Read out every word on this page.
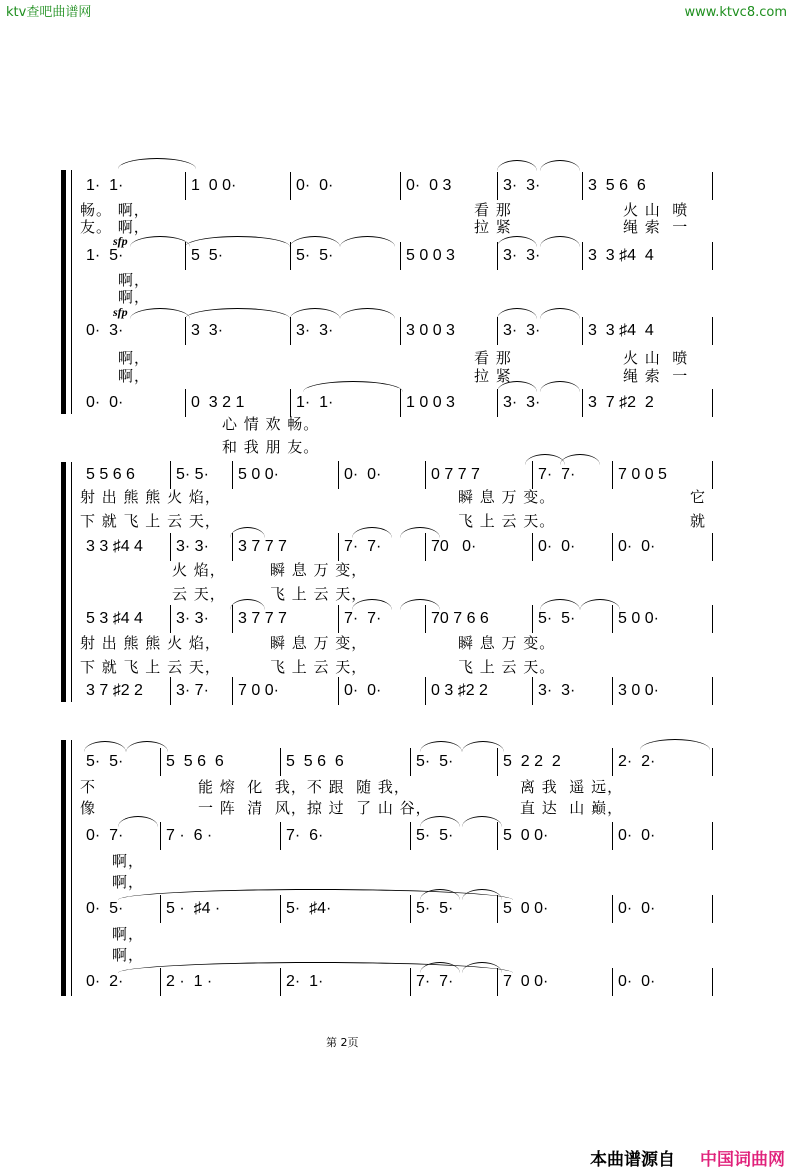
ktv查吧曲谱网	www.ktvc8.com
1·  1·	1  0 0·	0·  0·	0·  0 3	3·  3·	3  5 6  6
畅。 啊，	看 那	火 山  喷
友。 啊，	拉 紧	绳 索  一
1·  5·	5  5·	5·  5·	5 0 0 3	3·  3·	3  3 ♯4  4
啊，
啊，
0·  3·	3  3·	3·  3·	3 0 0 3	3·  3·	3  3 ♯4  4
啊，	看 那	火 山  喷
啊，	拉 紧	绳 索  一
0·  0·	0  3 2 1	1·  1·	1 0 0 3	3·  3·	3  7 ♯2  2
心 情 欢 畅。
和 我 朋 友。
sfp
sfp
5 5 6 6	5· 5·	5 0 0·	0·  0·	0 7 7 7	7·  7·	7 0 0 5
射 出 熊 熊 火 焰，	瞬 息 万 变。	它
下 就 飞 上 云 天，	飞 上 云 天。	就
3 3 ♯4 4	3· 3·	3 7 7 7	7·  7·	70   0·	0·  0·	0·  0·
火 焰，	瞬 息 万 变，
云 天，	飞 上 云 天，
5 3 ♯4 4	3· 3·	3 7 7 7	7·  7·	70 7 6 6	5·  5·	5 0 0·
射 出 熊 熊 火 焰，	瞬 息 万 变，	瞬 息 万 变。
下 就 飞 上 云 天，	飞 上 云 天，	飞 上 云 天。
3 7 ♯2 2	3· 7·	7 0 0·	0·  0·	0 3 ♯2 2	3·  3·	3 0 0·
5·  5·	5  5 6  6	5  5 6  6	5·  5·	5  2 2  2	2·  2·
不	能 熔  化  我，不 跟  随 我，	离 我  遥 远，
像	一 阵  清  风，掠 过  了 山 谷，	直 达  山 巅，
0·  7·	7 ·  6 ·	7·  6·	5·  5·	5  0 0·	0·  0·
啊，
啊，
0·  5·	5 ·  ♯4 ·	5·  ♯4·	5·  5·	5  0 0·	0·  0·
啊，
啊，
0·  2·	2 ·  1 ·	2·  1·	7·  7·	7  0 0·	0·  0·
第 2页
本曲谱源自 中国词曲网
